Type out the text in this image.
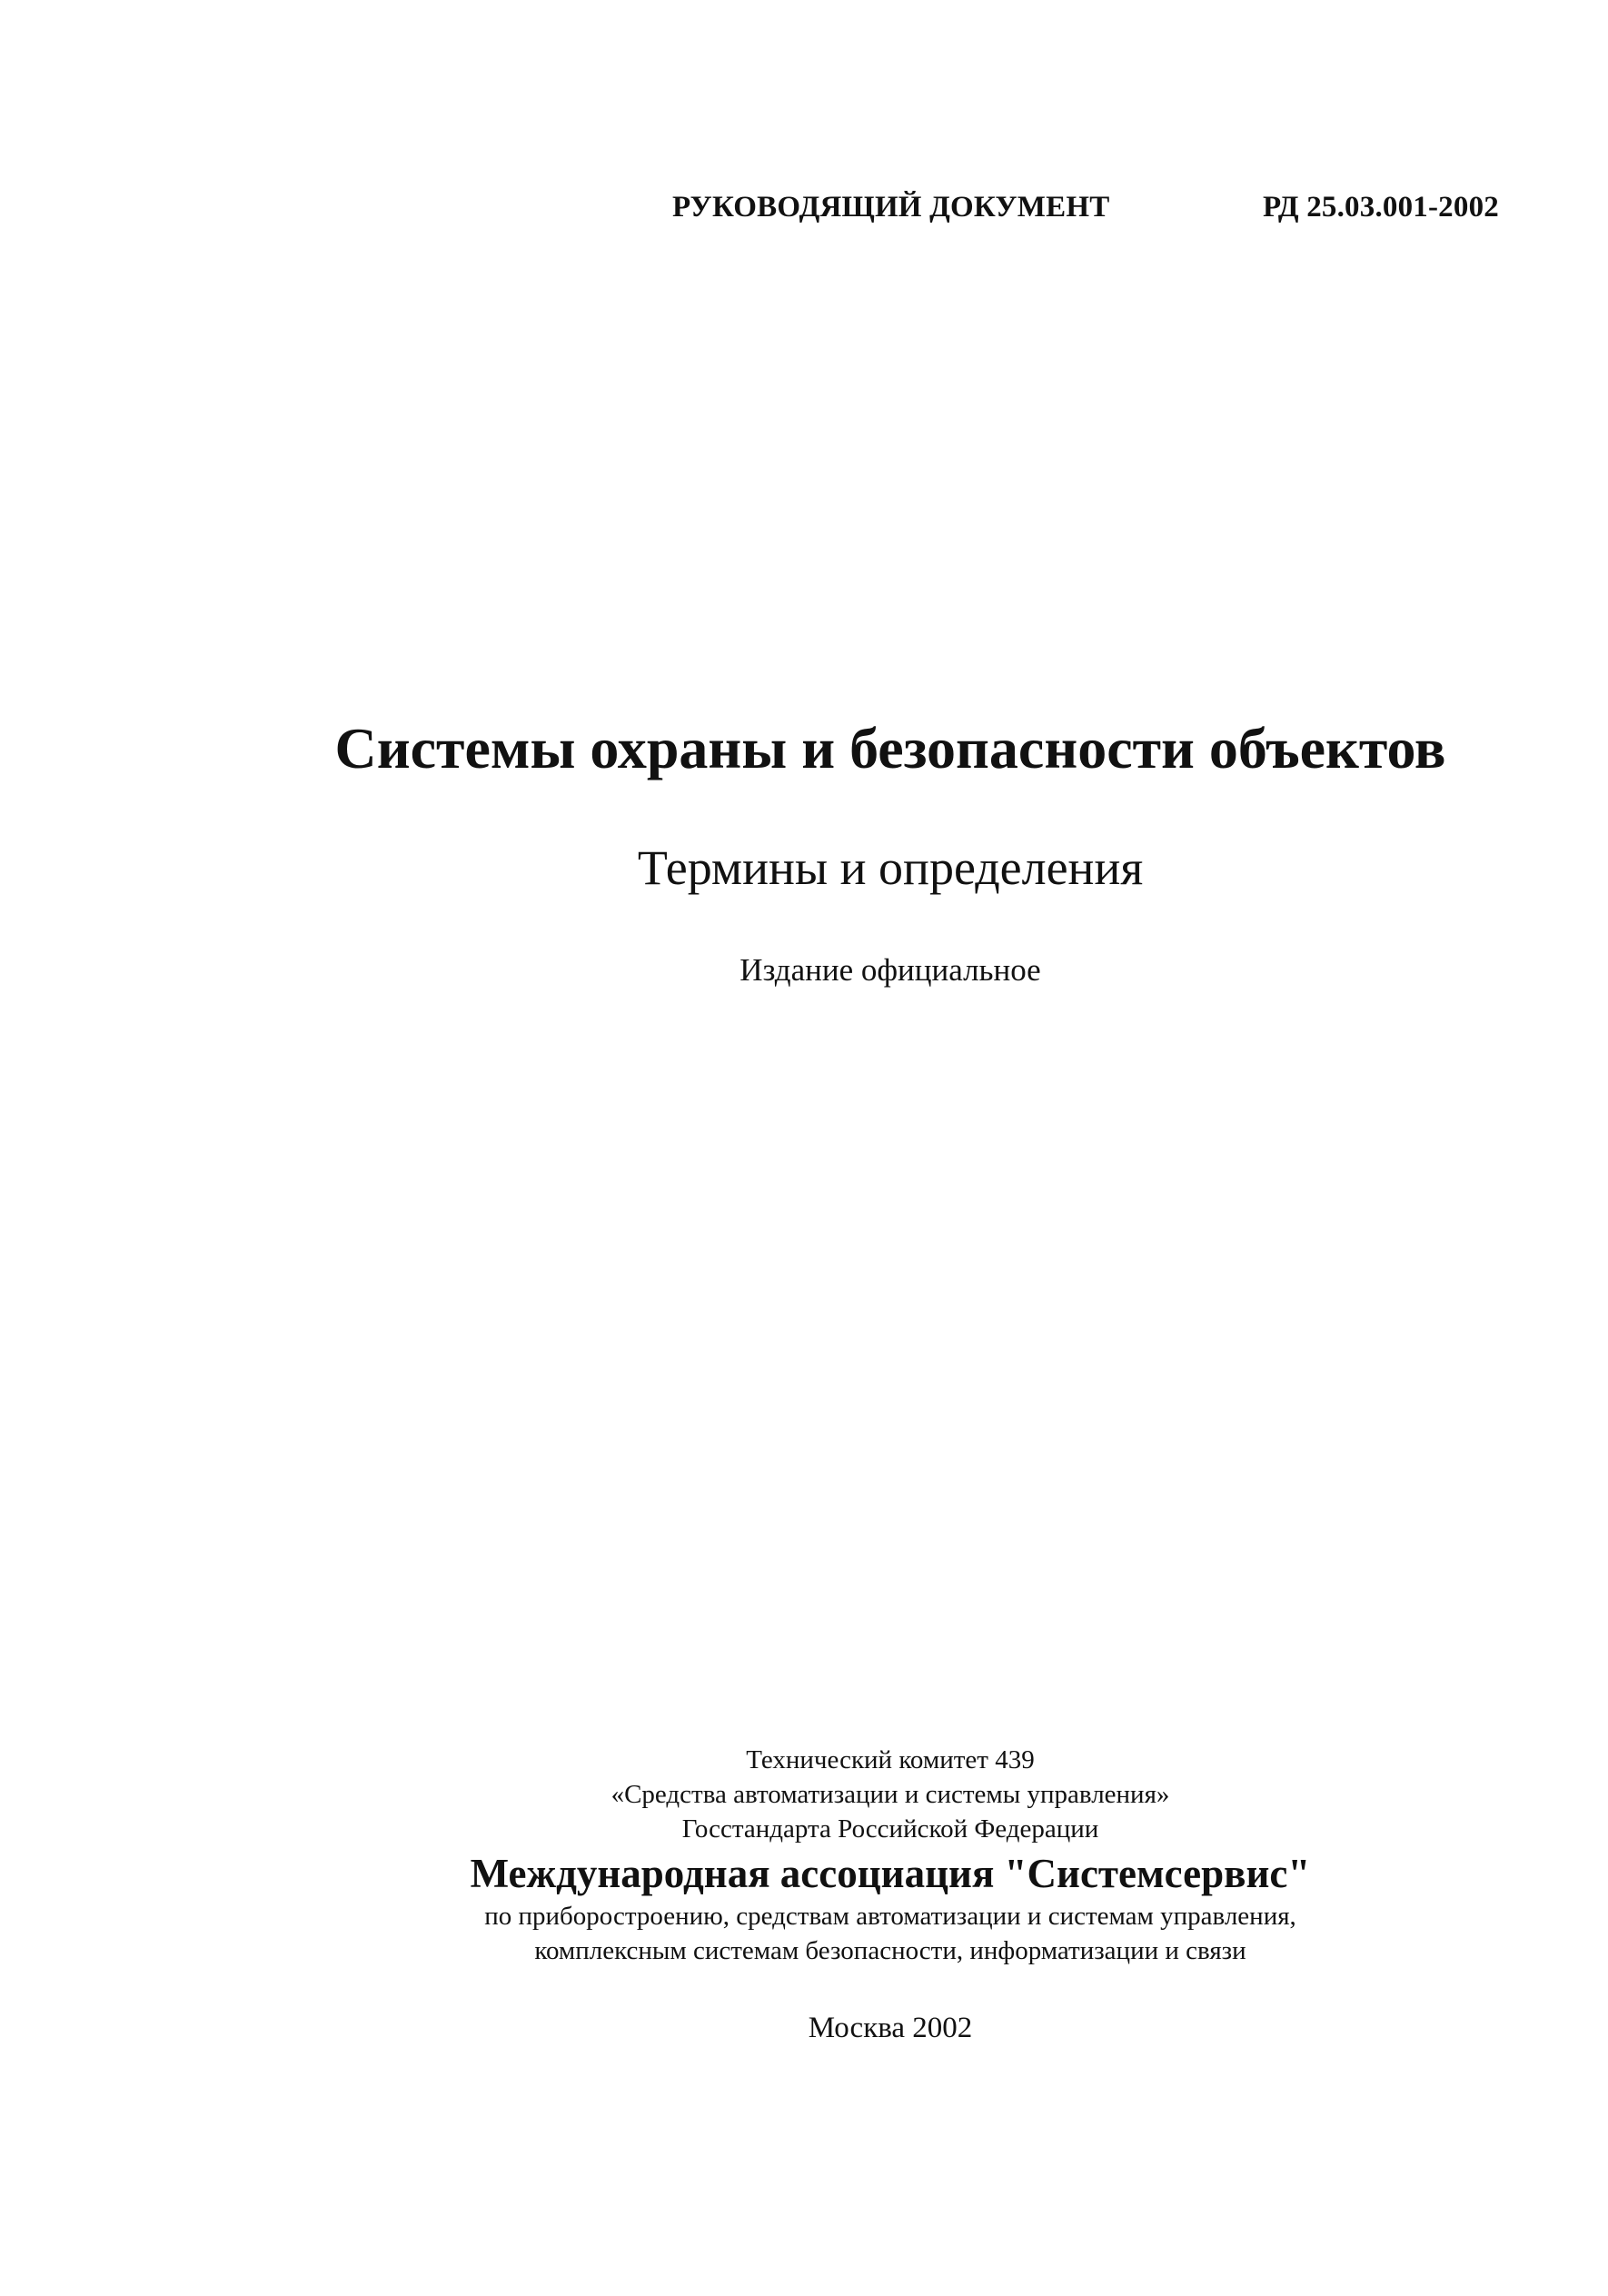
РУКОВОДЯЩИЙ ДОКУМЕНТ	РД 25.03.001-2002
Системы охраны и безопасности объектов
Термины и определения
Издание официальное
Технический комитет 439
«Средства автоматизации и системы управления»
Госстандарта Российской Федерации
Международная ассоциация "Системсервис"
по приборостроению, средствам автоматизации и системам управления,
комплексным системам безопасности, информатизации и связи
Москва 2002
